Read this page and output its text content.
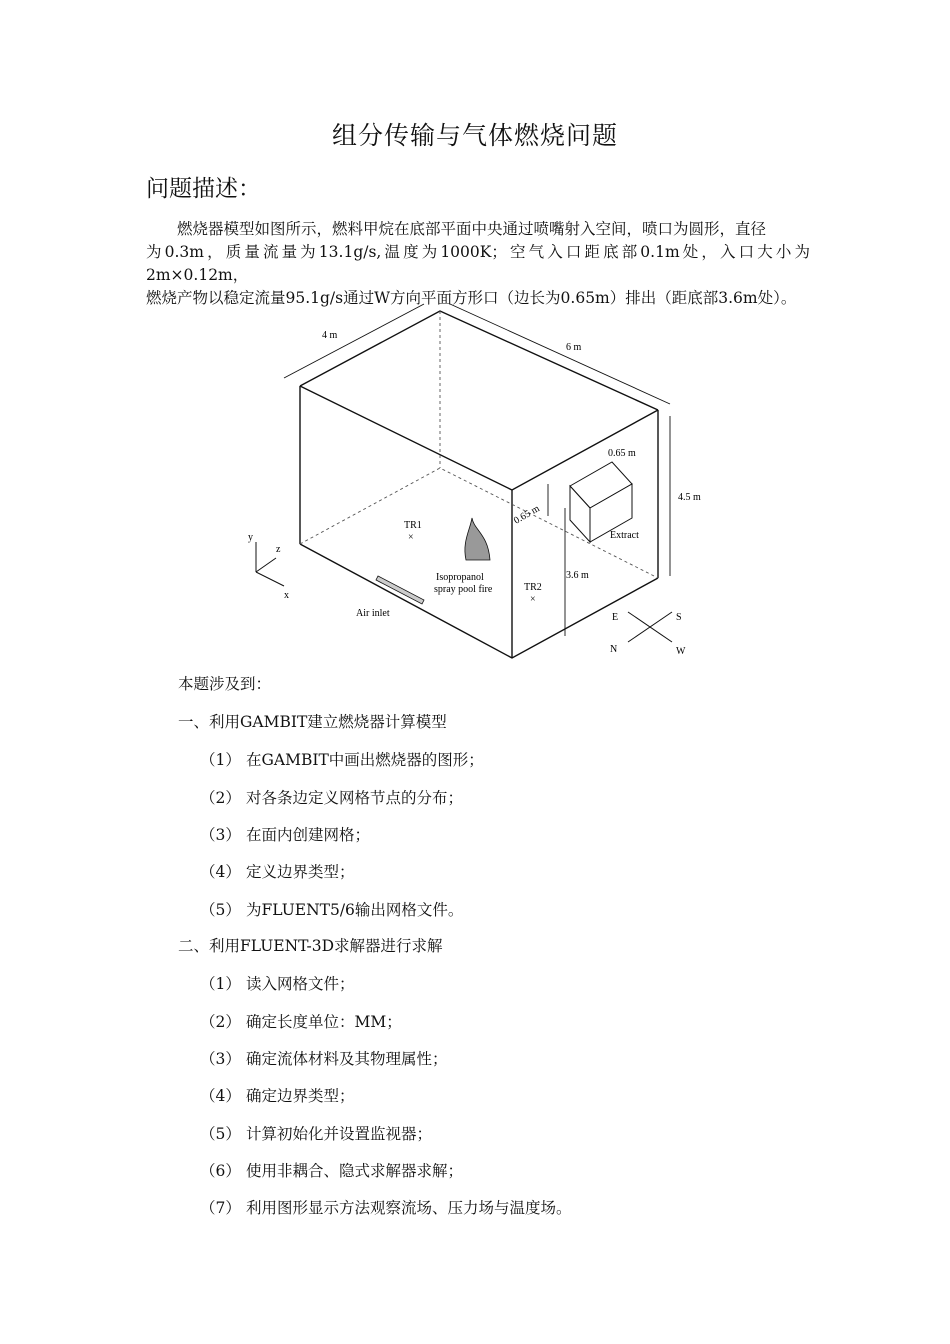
组分传输与气体燃烧问题
问题描述：
燃烧器模型如图所示，燃料甲烷在底部平面中央通过喷嘴射入空间，喷口为圆形，直径
为0.3m，质量流量为13.1g/s,温度为1000K；空气入口距底部0.1m处，入口大小为2m×0.12m，
燃烧产物以稳定流量95.1g/s通过W方向平面方形口（边长为0.65m）排出（距底部3.6m处）。
4 m
6 m
4.5 m
3.6 m
0.65 m
0.65 m
Extract
TR1
×
TR2
×
Isopropanol
spray pool fire
Air inlet
y
z
x
E	S
N	W
本题涉及到：
一、利用GAMBIT建立燃烧器计算模型
（1） 在GAMBIT中画出燃烧器的图形；
（2） 对各条边定义网格节点的分布；
（3） 在面内创建网格；
（4） 定义边界类型；
（5） 为FLUENT5/6输出网格文件。
二、利用FLUENT-3D求解器进行求解
（1） 读入网格文件；
（2） 确定长度单位：MM；
（3） 确定流体材料及其物理属性；
（4） 确定边界类型；
（5） 计算初始化并设置监视器；
（6） 使用非耦合、隐式求解器求解；
（7） 利用图形显示方法观察流场、压力场与温度场。
